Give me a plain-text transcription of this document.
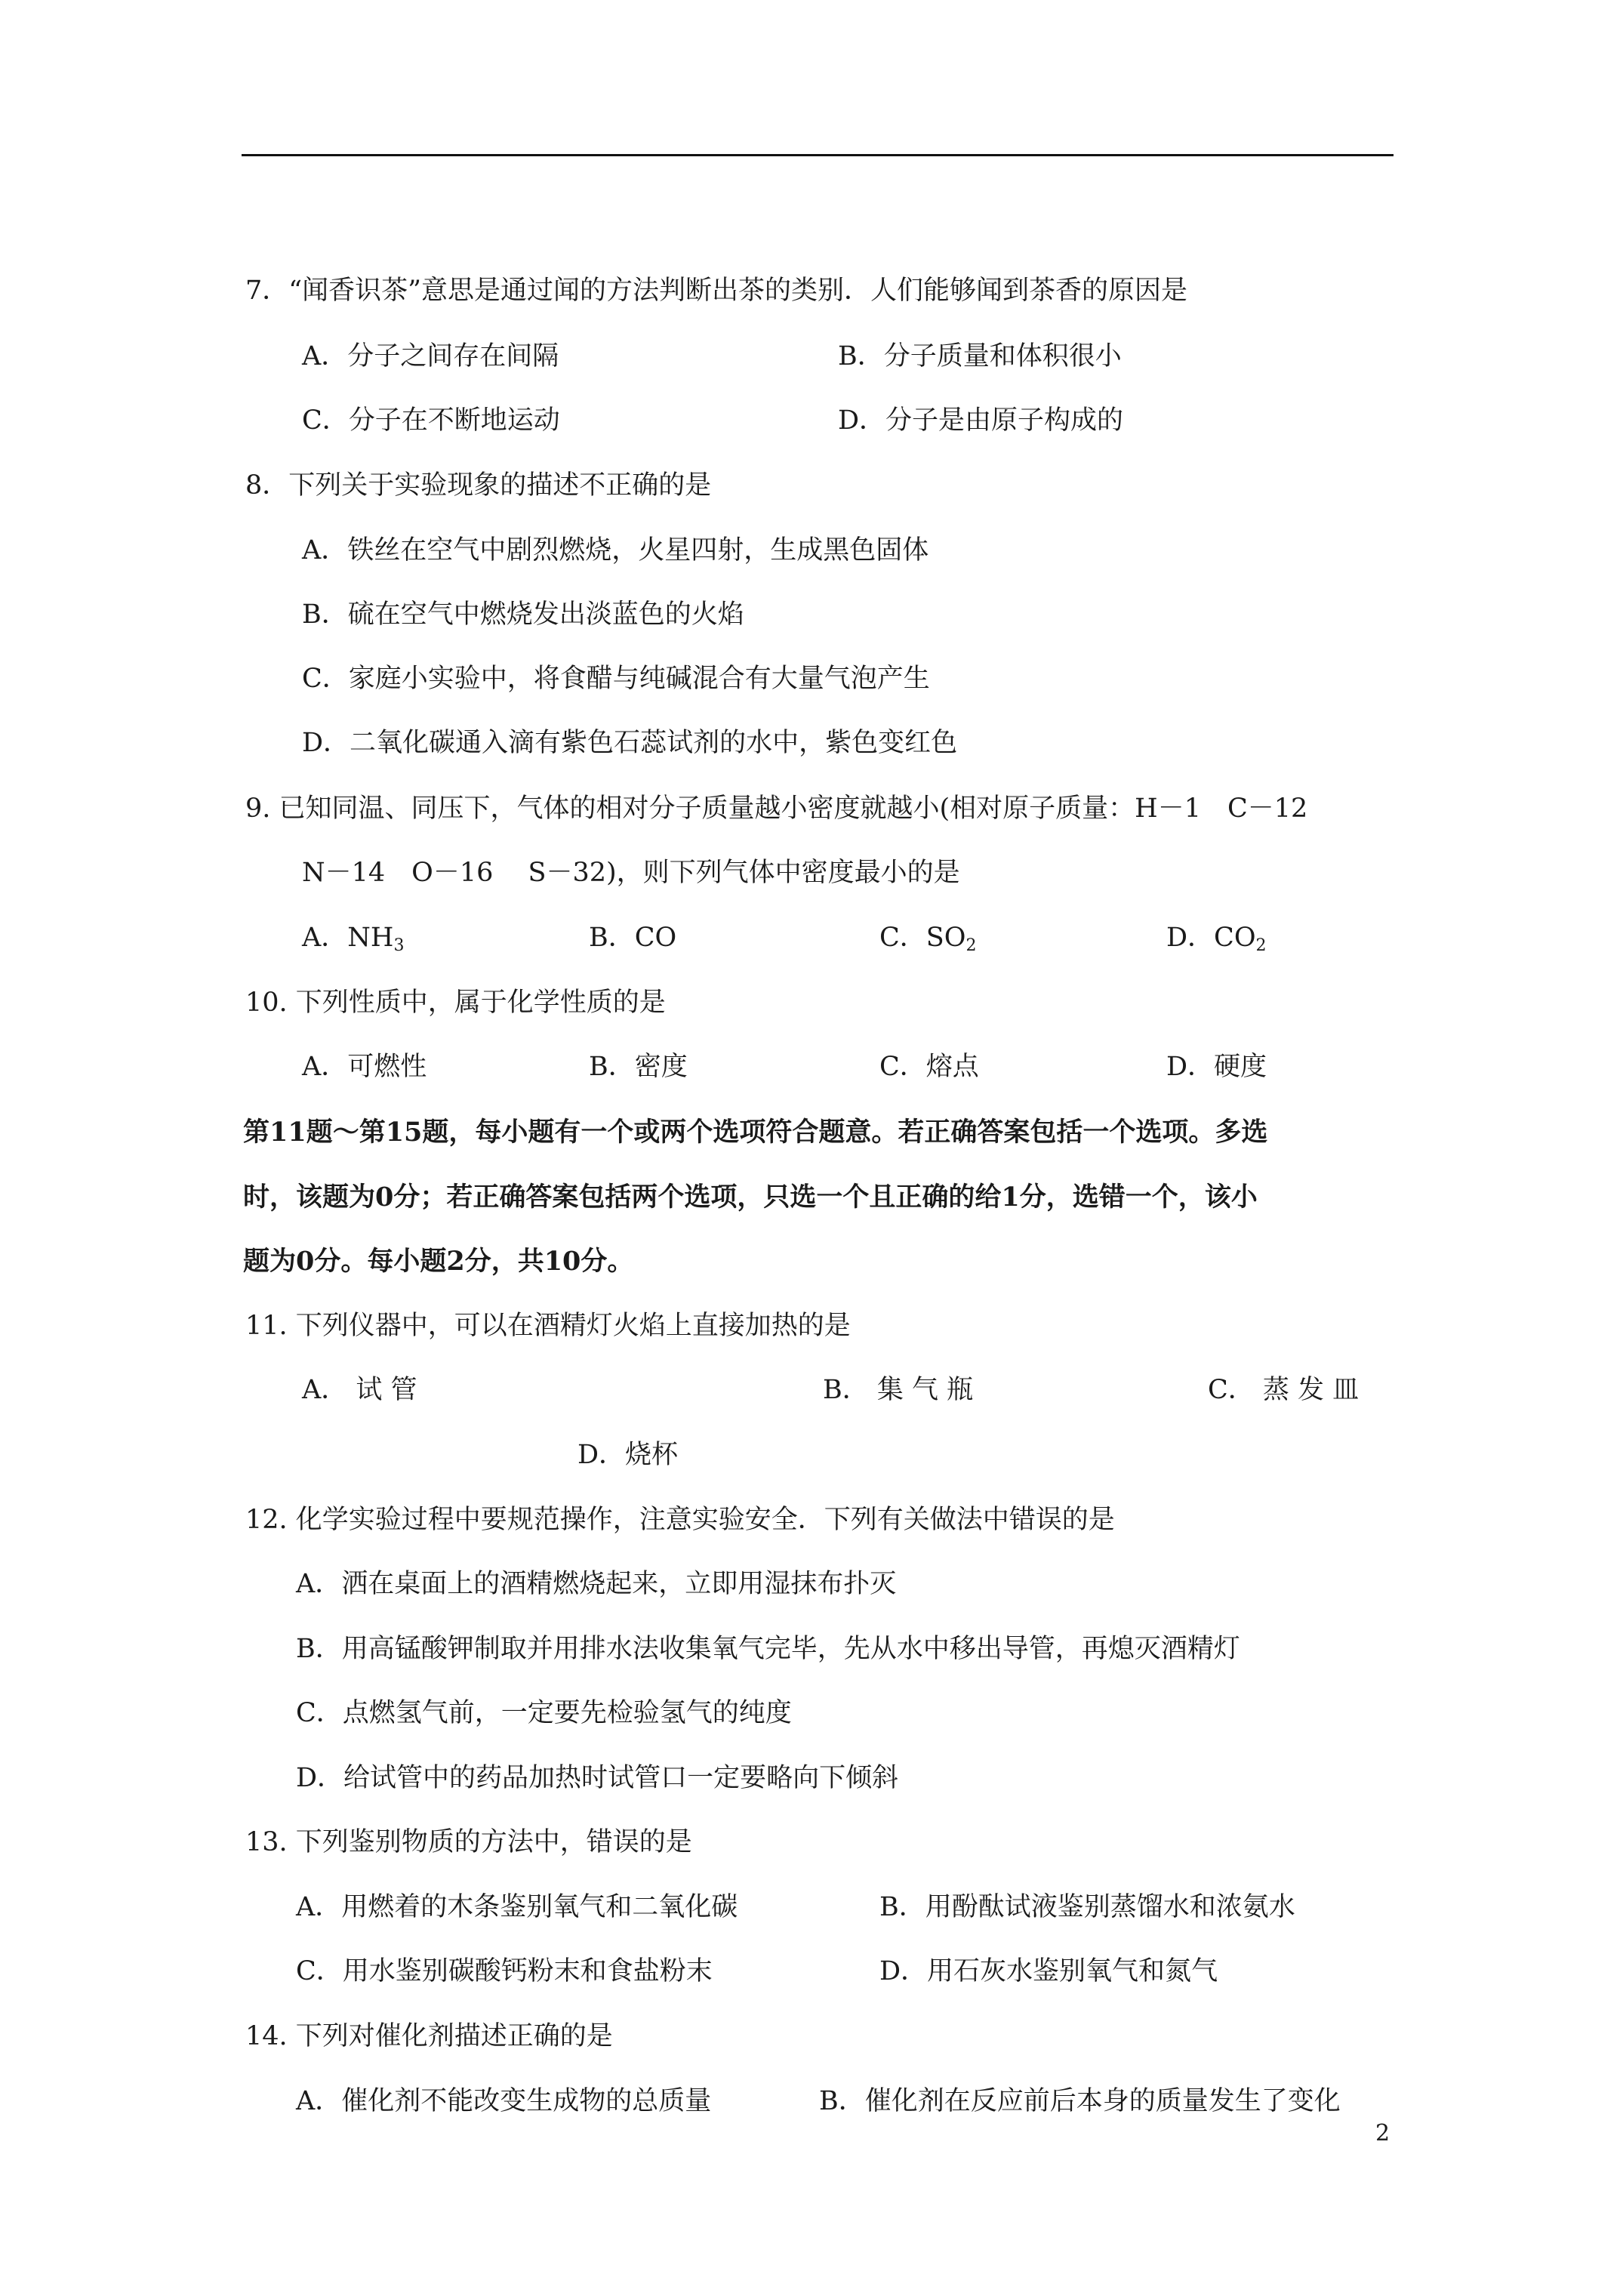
7．“闻香识茶”意思是通过闻的方法判断出茶的类别．人们能够闻到茶香的原因是
A．分子之间存在间隔	B．分子质量和体积很小
C．分子在不断地运动	D．分子是由原子构成的
8．下列关于实验现象的描述不正确的是
A．铁丝在空气中剧烈燃烧，火星四射，生成黑色固体
B．硫在空气中燃烧发出淡蓝色的火焰
C．家庭小实验中，将食醋与纯碱混合有大量气泡产生
D．二氧化碳通入滴有紫色石蕊试剂的水中，紫色变红色
9. 已知同温、同压下，气体的相对分子质量越小密度就越小(相对原子质量：H－1　C－12
N－14　O－16　 S－32)，则下列气体中密度最小的是
A．$NH_3$	B．CO	C．$SO_2$	D．$CO_2$
10. 下列性质中，属于化学性质的是
A．可燃性	B．密度	C．熔点	D．硬度
第11题～第15题，每小题有一个或两个选项符合题意。若正确答案包括一个选项。多选
时，该题为0分；若正确答案包括两个选项，只选一个且正确的给1分，选错一个，该小
题为0分。每小题2分，共10分。
11. 下列仪器中，可以在酒精灯火焰上直接加热的是
A． 试 管	B． 集 气 瓶	C． 蒸 发 皿
D．烧杯
12. 化学实验过程中要规范操作，注意实验安全．下列有关做法中错误的是
A．洒在桌面上的酒精燃烧起来，立即用湿抹布扑灭
B．用高锰酸钾制取并用排水法收集氧气完毕，先从水中移出导管，再熄灭酒精灯
C．点燃氢气前，一定要先检验氢气的纯度
D．给试管中的药品加热时试管口一定要略向下倾斜
13. 下列鉴别物质的方法中，错误的是
A．用燃着的木条鉴别氧气和二氧化碳	B．用酚酞试液鉴别蒸馏水和浓氨水
C．用水鉴别碳酸钙粉末和食盐粉末	D．用石灰水鉴别氧气和氮气
14. 下列对催化剂描述正确的是
A．催化剂不能改变生成物的总质量	B．催化剂在反应前后本身的质量发生了变化
2
